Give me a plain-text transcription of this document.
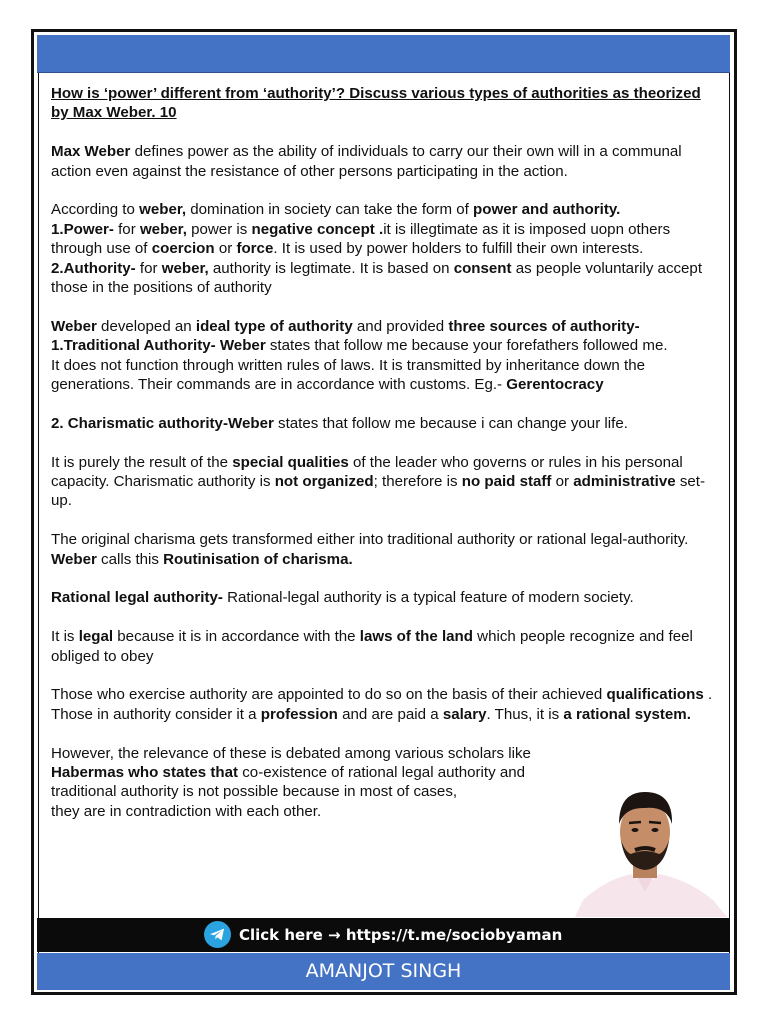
How is ‘power’ different from ‘authority’? Discuss various types of authorities as theorized by Max Weber. 10

Max Weber defines power as the ability of individuals to carry our their own will in a communal action even against the resistance of other persons participating in the action.

According to weber, domination in society can take the form of power and authority.
1.Power- for weber, power is negative concept .it is illegtimate as it is imposed uopn others through use of coercion or force. It is used by power holders to fulfill their own interests.
2.Authority- for weber, authority is legtimate. It is based on consent as people voluntarily accept those in the positions of authority

Weber developed an ideal type of authority and provided three sources of authority-
1.Traditional Authority- Weber states that follow me because your forefathers followed me.
It does not function through written rules of laws. It is transmitted by inheritance down the generations. Their commands are in accordance with customs. Eg.- Gerentocracy

2. Charismatic authority-Weber states that follow me because i can change your life.

It is purely the result of the special qualities of the leader who governs or rules in his personal capacity. Charismatic authority is not organized; therefore is no paid staff or administrative set-up.

The original charisma gets transformed either into traditional authority or rational legal-authority. Weber calls this Routinisation of charisma.

Rational legal authority- Rational-legal authority is a typical feature of modern society.

It is legal because it is in accordance with the laws of the land which people recognize and feel obliged to obey

Those who exercise authority are appointed to do so on the basis of their achieved qualifications . Those in authority consider it a profession and are paid a salary. Thus, it is a rational system.

However, the relevance of these is debated among various scholars like
Habermas who states that co-existence of rational legal authority and
traditional authority is not possible because in most of cases,
they are in contradiction with each other.

Click here → https://t.me/sociobyaman
AMANJOT SINGH
